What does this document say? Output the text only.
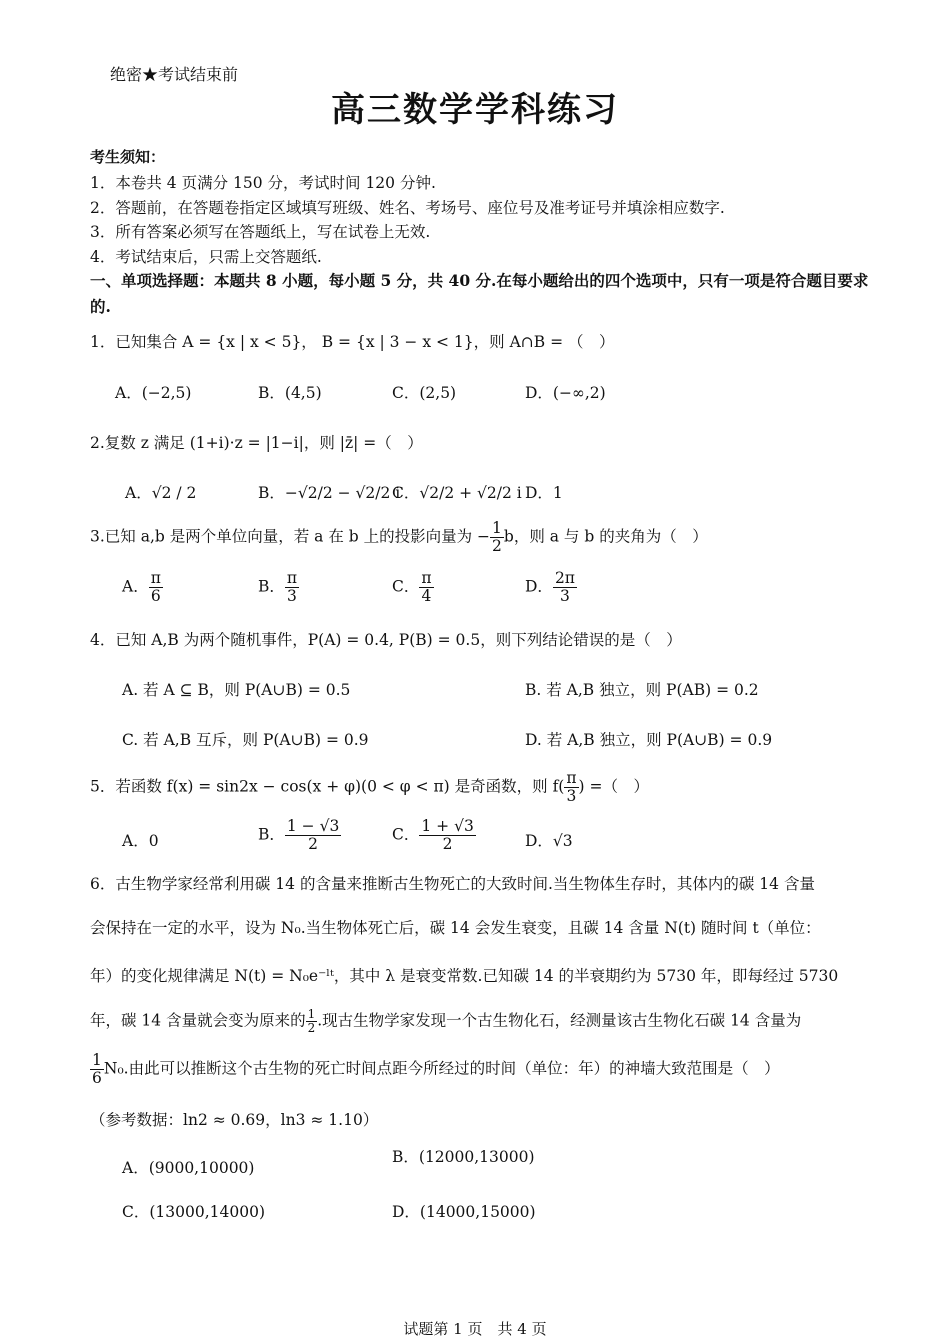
绝密★考试结束前
高三数学学科练习
考生须知：
1．本卷共 4 页满分 150 分，考试时间 120 分钟.
2．答题前，在答题卷指定区域填写班级、姓名、考场号、座位号及准考证号并填涂相应数字.
3．所有答案必须写在答题纸上，写在试卷上无效.
4．考试结束后，只需上交答题纸.
一、单项选择题：本题共 8 小题，每小题 5 分，共 40 分.在每小题给出的四个选项中，只有一项是符合题目要求的.
1．已知集合 A = {x | x < 5}， B = {x | 3 − x < 1}，则 A∩B = （　）
A．(−2,5)	B．(4,5)	C．(2,5)	D．(−∞,2)
2.复数 z 满足 (1+i)·z = |1−i|，则 |z̄| =（　）
A．√2 / 2	B．−√2/2 − √2/2 i
C．√2/2 + √2/2 i D．1
3.已知 a,b 是两个单位向量，若 a 在 b 上的投影向量为 − $\frac{1}{2}$ b，则 a 与 b 的夹角为（　）
A． $\frac{\pi}{6}$	B． $\frac{\pi}{3}$	C． $\frac{\pi}{4}$	D． $\frac{2\pi}{3}$
4．已知 A,B 为两个随机事件，P(A) = 0.4, P(B) = 0.5，则下列结论错误的是（　）
A. 若 A ⊆ B，则 P(A∪B) = 0.5	B. 若 A,B 独立，则 P(AB) = 0.2
C. 若 A,B 互斥，则 P(A∪B) = 0.9	D. 若 A,B 独立，则 P(A∪B) = 0.9
5．若函数 f(x) = sin2x − cos(x + φ)(0 < φ < π) 是奇函数，则 $f( \frac{\pi}{3}$ ) =（　）
A．0	B． $\frac{1 - √3}{2}$	C． $\frac{1 + √3}{2}$	D．√3
6．古生物学家经常利用碳 14 的含量来推断古生物死亡的大致时间.当生物体生存时，其体内的碳 14 含量
会保持在一定的水平，设为 N₀.当生物体死亡后，碳 14 会发生衰变，且碳 14 含量 N(t) 随时间 t（单位：
年）的变化规律满足 N(t) = N₀e⁻ˡᵗ，其中 λ 是衰变常数.已知碳 14 的半衰期约为 5730 年，即每经过 5730
年，碳 14 含量就会变为原来的 $\frac{1}{2}$ .现古生物学家发现一个古生物化石，经测量该古生物化石碳 14 含量为
$\frac{1}{6} N_0$.由此可以推断这个古生物的死亡时间点距今所经过的时间（单位：年）的神墙大致范围是（　）
（参考数据：ln2 ≈ 0.69，ln3 ≈ 1.10）
A．(9000,10000)
B．(12000,13000)
C．(13000,14000)	D．(14000,15000)
试题第 1 页　共 4 页
